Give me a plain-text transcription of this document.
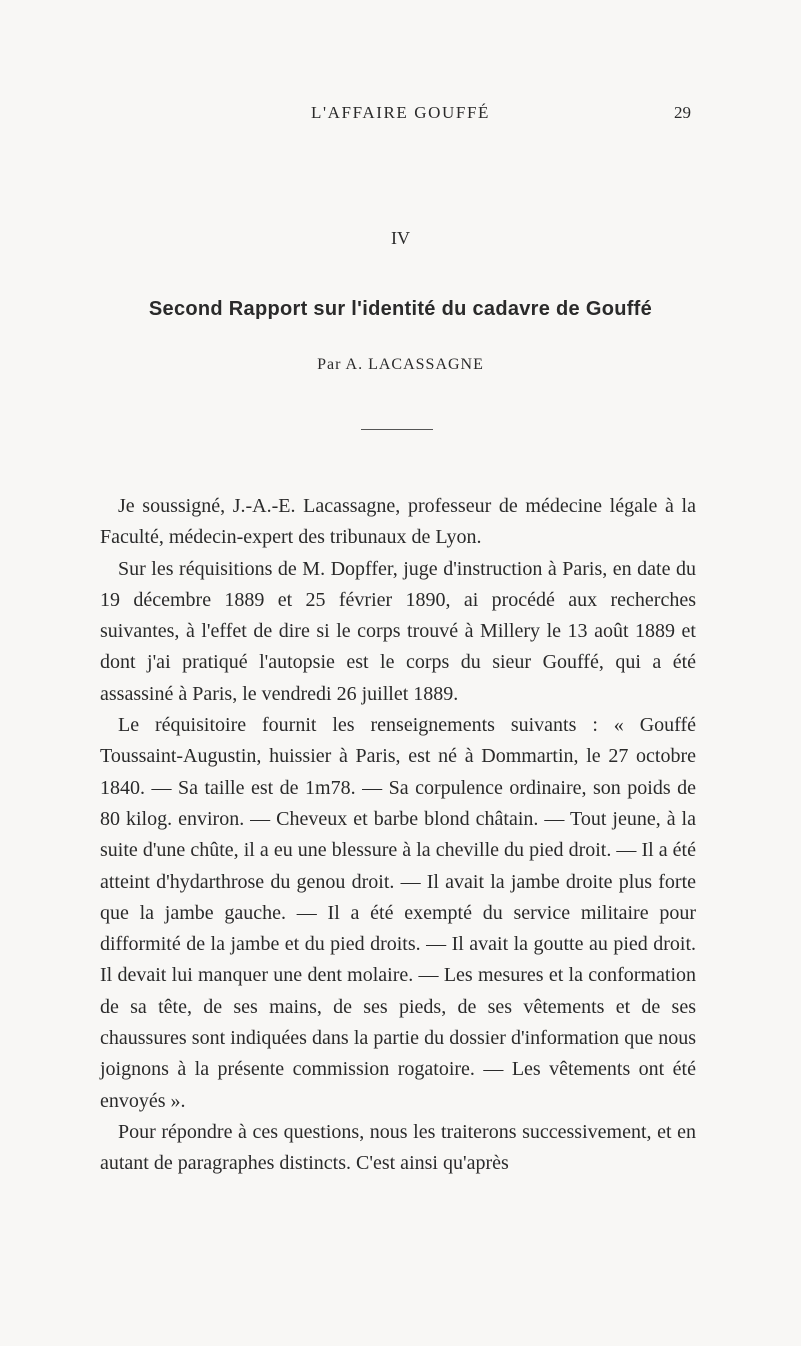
L'AFFAIRE GOUFFÉ	29
IV
Second Rapport sur l'identité du cadavre de Gouffé
Par A. LACASSAGNE

Je soussigné, J.-A.-E. Lacassagne, professeur de médecine légale à la Faculté, médecin-expert des tribunaux de Lyon.

Sur les réquisitions de M. Dopffer, juge d'instruction à Paris, en date du 19 décembre 1889 et 25 février 1890, ai procédé aux recherches suivantes, à l'effet de dire si le corps trouvé à Millery le 13 août 1889 et dont j'ai pratiqué l'autopsie est le corps du sieur Gouffé, qui a été assassiné à Paris, le vendredi 26 juillet 1889.

Le réquisitoire fournit les renseignements suivants : « Gouffé Toussaint-Augustin, huissier à Paris, est né à Dommartin, le 27 octobre 1840. — Sa taille est de 1m78. — Sa corpulence ordinaire, son poids de 80 kilog. environ. — Cheveux et barbe blond châtain. — Tout jeune, à la suite d'une chûte, il a eu une blessure à la cheville du pied droit. — Il a été atteint d'hydarthrose du genou droit. — Il avait la jambe droite plus forte que la jambe gauche. — Il a été exempté du service militaire pour difformité de la jambe et du pied droits. — Il avait la goutte au pied droit. Il devait lui manquer une dent molaire. — Les mesures et la conformation de sa tête, de ses mains, de ses pieds, de ses vêtements et de ses chaussures sont indiquées dans la partie du dossier d'information que nous joignons à la présente commission rogatoire. — Les vêtements ont été envoyés ».

Pour répondre à ces questions, nous les traiterons successivement, et en autant de paragraphes distincts. C'est ainsi qu'après
